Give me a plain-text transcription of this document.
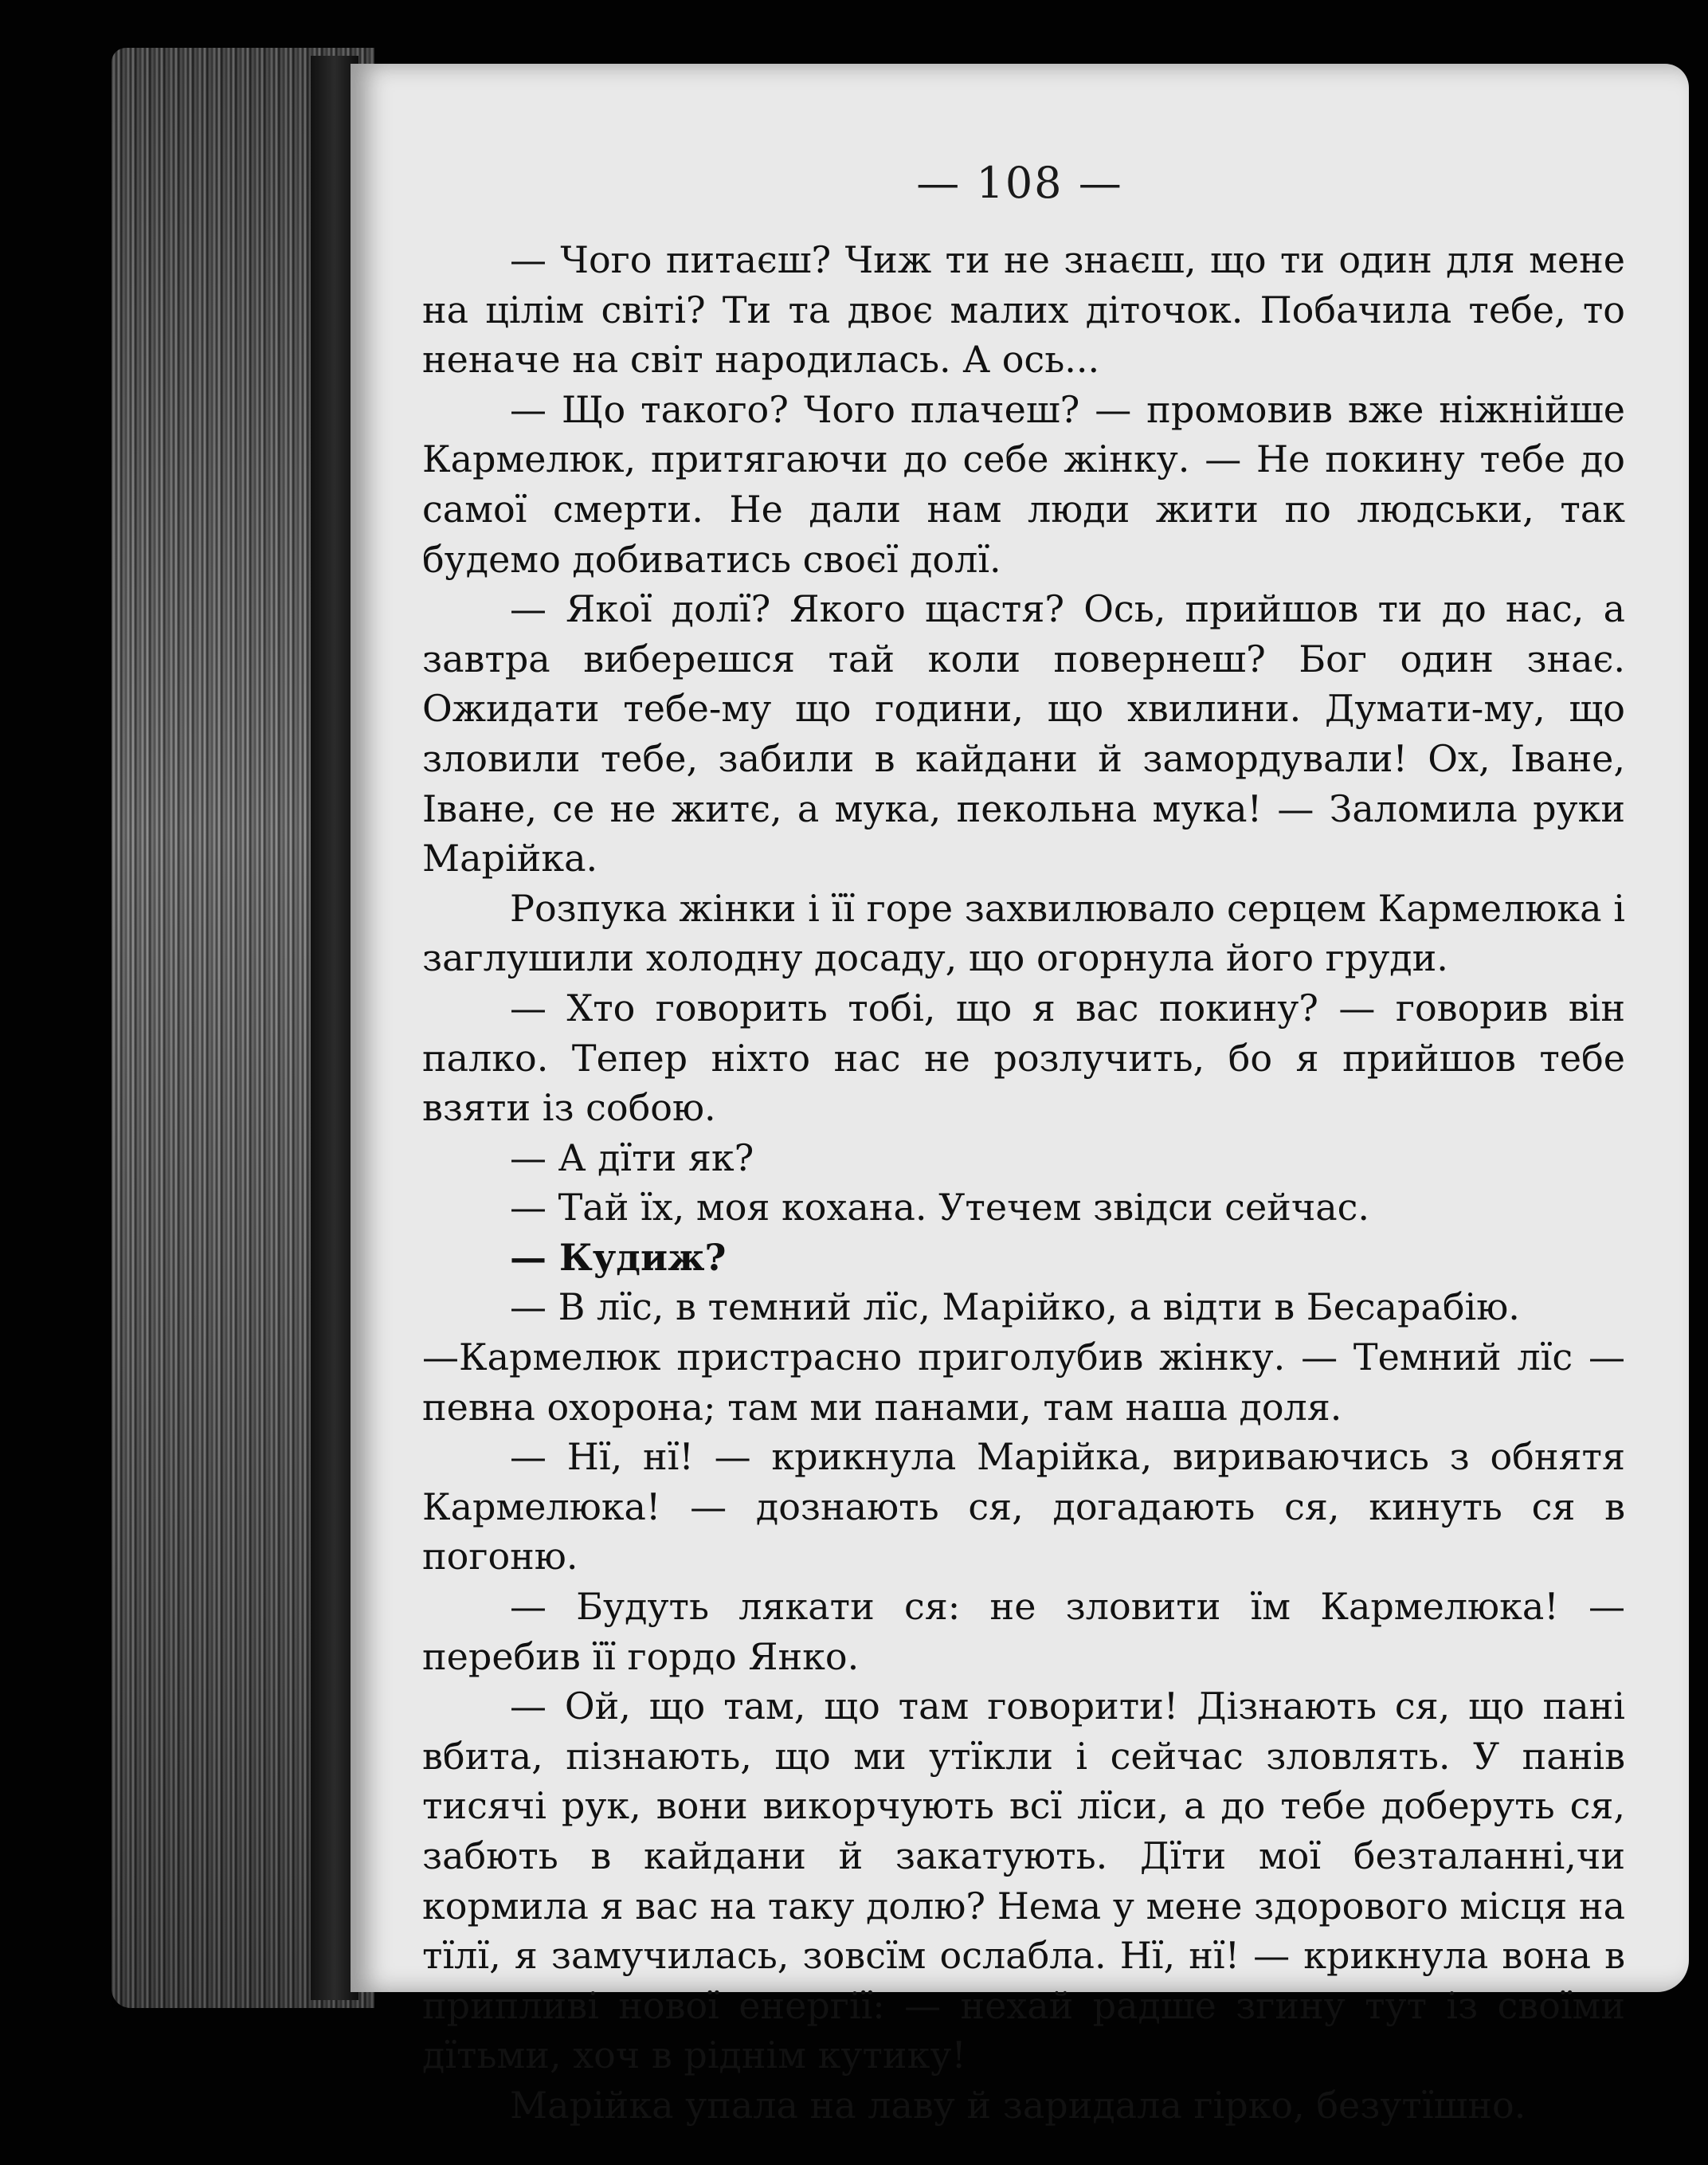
— 108 —

— Чого питаєш? Чиж ти не знаєш, що ти один для мене на цілім світі? Ти та двоє малих діточок. Побачила тебе, то неначе на світ народилась. А ось...

— Що такого? Чого плачеш? — промовив вже ніжнійше Кармелюк, притягаючи до себе жінку. — Не покину тебе до самої смерти. Не дали нам люди жити по людськи, так будемо добиватись своєї долї.

— Якої долї? Якого щастя? Ось, прийшов ти до нас, а завтра виберешся тай коли повернеш? Бог один знає. Ожидати тебе-му що години, що хвилини. Думати-му, що зловили тебе, забили в кайдани й замордували! Ох, Іване, Іване, се не житє, а мука, пекольна мука! — Заломила руки Марійка.

Розпука жінки і її горе захвилювало серцем Кармелюка і заглушили холодну досаду, що огорнула його груди.

— Хто говорить тобі, що я вас покину? — говорив він палко. Тепер ніхто нас не розлучить, бо я прийшов тебе взяти із собою.

— А дїти як?

— Тай їх, моя кохана. Утечем звідси сейчас.

— Кудиж?

— В лїс, в темний лїс, Марійко, а відти в Бесарабію.

—Кармелюк пристрасно приголубив жінку. — Темний лїс — певна охорона; там ми панами, там наша доля.

— Нї, нї! — крикнула Марійка, вириваючись з обнятя Кармелюка! — дознають ся, догадають ся, кинуть ся в погоню.

— Будуть лякати ся: не зловити їм Кармелюка! — перебив її гордо Янко.

— Ой, що там, що там говорити! Дізнають ся, що пані вбита, пізнають, що ми утїкли і сейчас зловлять. У панів тисячі рук, вони викорчують всї лїси, а до тебе доберуть ся, забють в кайдани й закатують. Дїти мої безталанні,чи кормила я вас на таку долю? Нема у мене здорового місця на тїлї, я замучилась, зовсїм ослабла. Нї, нї! — крикнула вона в припливі нової енергії: — нехай радше згину тут із своїми дїтьми, хоч в ріднім кутику!

Марійка упала на лаву й заридала гірко, безутїшно.
